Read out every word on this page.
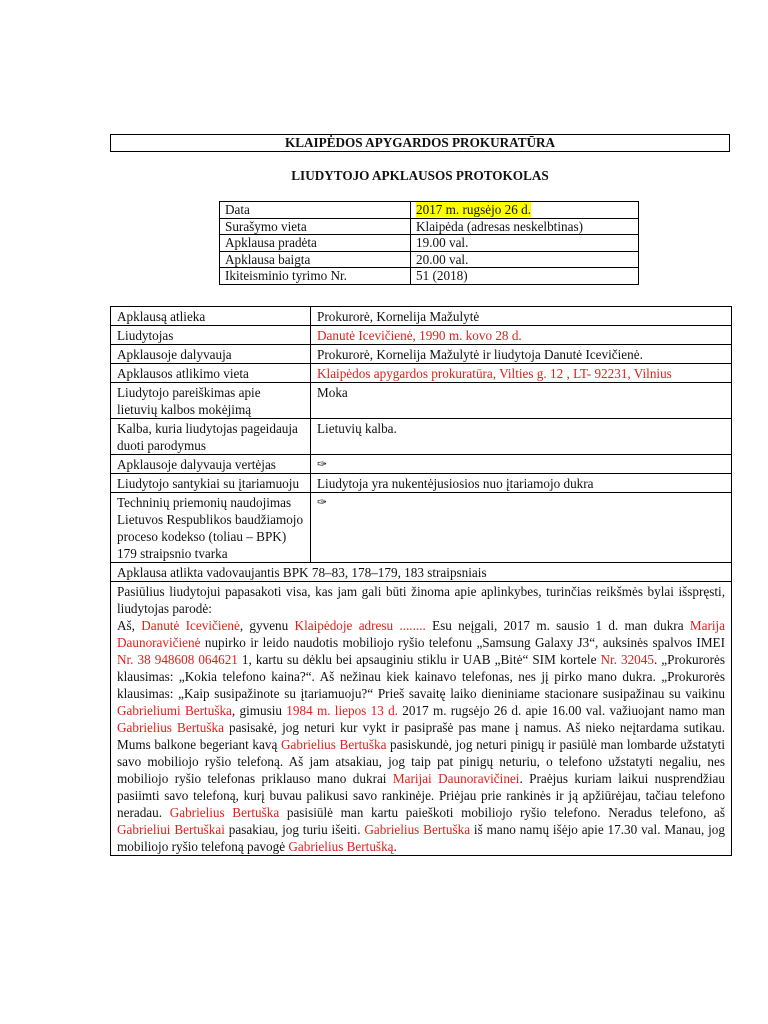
KLAIPĖDOS APYGARDOS PROKURATŪRA
LIUDYTOJO APKLAUSOS PROTOKOLAS
Data	2017 m. rugsėjo 26 d.
Surašymo vieta	Klaipėda (adresas neskelbtinas)
Apklausa pradėta	19.00 val.
Apklausa baigta	20.00 val.
Ikiteisminio tyrimo Nr.	51 (2018)
Apklausą atlieka	Prokurorė, Kornelija Mažulytė
Liudytojas	Danutė Icevičienė, 1990 m. kovo 28 d.
Apklausoje dalyvauja	Prokurorė, Kornelija Mažulytė ir liudytoja Danutė Icevičienė.
Apklausos atlikimo vieta	Klaipėdos apygardos prokuratūra, Vilties g. 12 , LT- 92231, Vilnius
Liudytojo pareiškimas apie lietuvių kalbos mokėjimą	Moka
Kalba, kuria liudytojas pageidauja duoti parodymus	Lietuvių kalba.
Apklausoje dalyvauja vertėjas	✑
Liudytojo santykiai su įtariamuoju	Liudytoja yra nukentėjusiosios nuo įtariamojo dukra
Techninių priemonių naudojimas Lietuvos Respublikos baudžiamojo proceso kodekso (toliau – BPK) 179 straipsnio tvarka	✑
Apklausa atlikta vadovaujantis BPK 78–83, 178–179, 183 straipsniais	

Pasiūlius liudytojui papasakoti visa, kas jam gali būti žinoma apie aplinkybes, turinčias reikšmės bylai išspręsti, liudytojas parodė:
Aš, Danutė Icevičienė, gyvenu Klaipėdoje adresu ........ Esu neįgali, 2017 m. sausio 1 d. man dukra Marija Daunoravičienė nupirko ir leido naudotis mobiliojo ryšio telefonu „Samsung Galaxy J3“, auksinės spalvos IMEI Nr. 38 948608 064621 1, kartu su dėklu bei apsauginiu stiklu ir UAB „Bitė“ SIM kortele Nr. 32045. „Prokurorės klausimas: „Kokia telefono kaina?“. Aš nežinau kiek kainavo telefonas, nes jį pirko mano dukra. „Prokurorės klausimas: „Kaip susipažinote su įtariamuoju?“ Prieš savaitę laiko dieniniame stacionare susipažinau su vaikinu Gabrieliumi Bertuška, gimusiu 1984 m. liepos 13 d. 2017 m. rugsėjo 26 d. apie 16.00 val. važiuojant namo man Gabrielius Bertuška pasisakė, jog neturi kur vykt ir pasiprašė pas mane į namus. Aš nieko neįtardama sutikau. Mums balkone begeriant kavą Gabrielius Bertuška pasiskundė, jog neturi pinigų ir pasiūlė man lombarde užstatyti savo mobiliojo ryšio telefoną. Aš jam atsakiau, jog taip pat pinigų neturiu, o telefono užstatyti negaliu, nes mobiliojo ryšio telefonas priklauso mano dukrai Marijai Daunoravičinei. Praėjus kuriam laikui nusprendžiau pasiimti savo telefoną, kurį buvau palikusi savo rankinėje. Priėjau prie rankinės ir ją apžiūrėjau, tačiau telefono neradau. Gabrielius Bertuška pasisiūlė man kartu paieškoti mobiliojo ryšio telefono. Neradus telefono, aš Gabrieliui Bertuškai pasakiau, jog turiu išeiti. Gabrielius Bertuška iš mano namų išėjo apie 17.30 val. Manau, jog mobiliojo ryšio telefoną pavogė Gabrielius Bertušką.	
